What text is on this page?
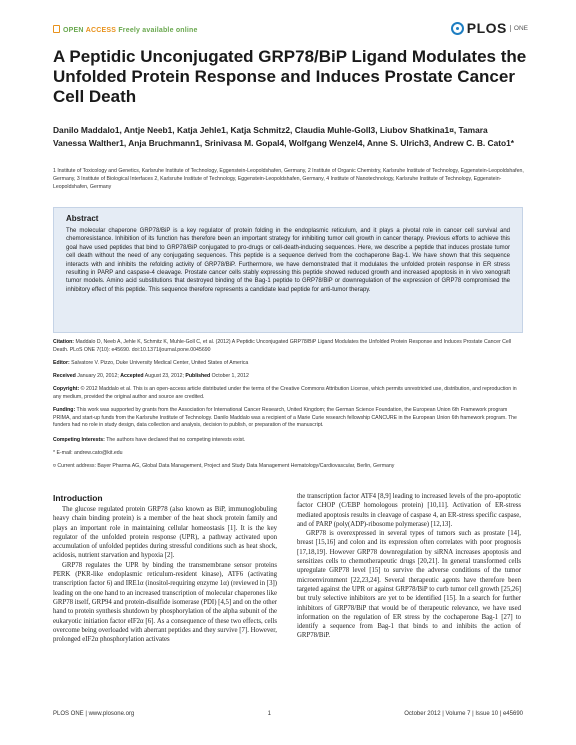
OPEN ACCESS Freely available online	PLOS	ONE
A Peptidic Unconjugated GRP78/BiP Ligand Modulates the Unfolded Protein Response and Induces Prostate Cancer Cell Death
Danilo Maddalo1, Antje Neeb1, Katja Jehle1, Katja Schmitz2, Claudia Muhle-Goll3, Liubov Shatkina1¤, Tamara Vanessa Walther1, Anja Bruchmann1, Srinivasa M. Gopal4, Wolfgang Wenzel4, Anne S. Ulrich3, Andrew C. B. Cato1*
1 Institute of Toxicology and Genetics, Karlsruhe Institute of Technology, Eggenstein-Leopoldshafen, Germany, 2 Institute of Organic Chemistry, Karlsruhe Institute of Technology, Eggenstein-Leopoldshafen, Germany, 3 Institute of Biological Interfaces 2, Karlsruhe Institute of Technology, Eggenstein-Leopoldshafen, Germany, 4 Institute of Nanotechnology, Karlsruhe Institute of Technology, Eggenstein-Leopoldshafen, Germany
Abstract

The molecular chaperone GRP78/BiP is a key regulator of protein folding in the endoplasmic reticulum, and it plays a pivotal role in cancer cell survival and chemoresistance. Inhibition of its function has therefore been an important strategy for inhibiting tumor cell growth in cancer therapy. Previous efforts to achieve this goal have used peptides that bind to GRP78/BiP conjugated to pro-drugs or cell-death-inducing sequences. Here, we describe a peptide that induces prostate tumor cell death without the need of any conjugating sequences. This peptide is a sequence derived from the cochaperone Bag-1. We have shown that this sequence interacts with and inhibits the refolding activity of GRP78/BiP. Furthermore, we have demonstrated that it modulates the unfolded protein response in ER stress resulting in PARP and caspase-4 cleavage. Prostate cancer cells stably expressing this peptide showed reduced growth and increased apoptosis in in vivo xenograft tumor models. Amino acid substitutions that destroyed binding of the Bag-1 peptide to GRP78/BiP or downregulation of the expression of GRP78 compromised the inhibitory effect of this peptide. This sequence therefore represents a candidate lead peptide for anti-tumor therapy.

Citation: Maddalo D, Neeb A, Jehle K, Schmitz K, Muhle-Goll C, et al. (2012) A Peptidic Unconjugated GRP78/BiP Ligand Modulates the Unfolded Protein Response and Induces Prostate Cancer Cell Death. PLoS ONE 7(10): e45690. doi:10.1371/journal.pone.0045690
Editor: Salvatore V. Pizzo, Duke University Medical Center, United States of America
Received January 20, 2012; Accepted August 23, 2012; Published October 1, 2012
Copyright: © 2012 Maddalo et al. This is an open-access article distributed under the terms of the Creative Commons Attribution License, which permits unrestricted use, distribution, and reproduction in any medium, provided the original author and source are credited.
Funding: This work was supported by grants from the Association for International Cancer Research, United Kingdom; the German Science Foundation, the European Union 6th Framework program PRIMA, and start-up funds from the Karlsruhe Institute of Technology. Danilo Maddalo was a recipient of a Marie Curie research fellowship CANCURE in the European Union 6th framework program. The funders had no role in study design, data collection and analysis, decision to publish, or preparation of the manuscript.
Competing Interests: The authors have declared that no competing interests exist.
* E-mail: andrew.cato@kit.edu
¤ Current address: Bayer Pharma AG, Global Data Management, Project and Study Data Management Hematology/Cardiovascular, Berlin, Germany
Introduction

The glucose regulated protein GRP78 (also known as BiP, immunoglobuling heavy chain binding protein) is a member of the heat shock protein family and plays an important role in maintaining cellular homeostasis [1]. It is the key regulator of the unfolded protein response (UPR), a pathway activated upon accumulation of unfolded peptides during stressful conditions such as heat shock, acidosis, nutrient starvation and hypoxia [2].

GRP78 regulates the UPR by binding the transmembrane sensor proteins PERK (PKR-like endoplasmic reticulum-resident kinase), ATF6 (activating transcription factor 6) and IRE1α (inositol-requiring enzyme 1α) (reviewed in [3]) leading on the one hand to an increased transcription of molecular chaperones like GRP78 itself, GRP94 and protein-disulfide isomerase (PDI) [4,5] and on the other hand to protein synthesis shutdown by phosphorylation of the alpha subunit of the eukaryotic initiation factor eIF2α [6]. As a consequence of these two effects, cells overcome being overloaded with aberrant peptides and they survive [7]. However, prolonged eIF2α phosphorylation activates

the transcription factor ATF4 [8,9] leading to increased levels of the pro-apoptotic factor CHOP (C/EBP homologous protein) [10,11]. Activation of ER-stress mediated apoptosis results in cleavage of caspase 4, an ER-stress specific caspase, and of PARP (poly(ADP)-ribosome polymerase) [12,13].

GRP78 is overexpressed in several types of tumors such as prostate [14], breast [15,16] and colon and its expression often correlates with poor prognosis [17,18,19]. However GRP78 downregulation by siRNA increases apoptosis and sensitizes cells to chemotherapeutic drugs [20,21]. In general transformed cells upregulate GRP78 level [15] to survive the adverse conditions of the tumor microenvironment [22,23,24]. Several therapeutic agents have therefore been targeted against the UPR or against GRP78/BiP to curb tumor cell growth [25,26] but truly selective inhibitors are yet to be identified [15]. In a search for further inhibitors of GRP78/BiP that would be of therapeutic relevance, we have used information on the regulation of ER stress by the cochaperone Bag-1 [27] to identify a sequence from Bag-1 that binds to and inhibits the action of GRP78/BiP.

PLOS ONE | www.plosone.org	1	October 2012 | Volume 7 | Issue 10 | e45690
